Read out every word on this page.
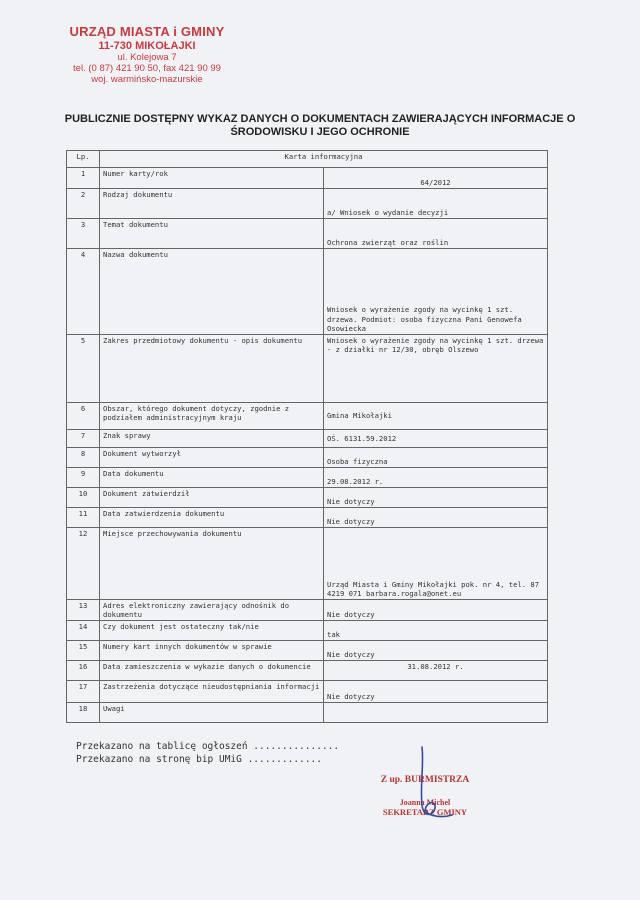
URZĄD MIASTA i GMINY
11-730 MIKOŁAJKI
ul. Kolejowa 7
tel. (0 87) 421 90 50, fax 421 90 99
woj. warmińsko-mazurskie
PUBLICZNIE DOSTĘPNY WYKAZ DANYCH O DOKUMENTACH ZAWIERAJĄCYCH INFORMACJE O ŚRODOWISKU I JEGO OCHRONIE
Lp.	Karta informacyjna	
1	Numer karty/rok	64/2012
2	Rodzaj dokumentu	a/ Wniosek o wydanie decyzji
3	Temat dokumentu	Ochrona zwierząt oraz roślin
4	Nazwa dokumentu	Wniosek o wyrażenie zgody na wycinkę 1 szt. drzewa. Podmiot: osoba fizyczna Pani Genowefa Osowiecka
5	Zakres przedmiotowy dokumentu - opis dokumentu	Wniosek o wyrażenie zgody na wycinkę 1 szt. drzewa - z działki nr 12/30, obręb Olszewo
6	Obszar, którego dokument dotyczy, zgodnie z podziałem administracyjnym kraju	Gmina Mikołajki
7	Znak sprawy	OŚ. 6131.59.2012
8	Dokument wytworzył	Osoba fizyczna
9	Data dokumentu	29.08.2012 r.
10	Dokument zatwierdził	Nie dotyczy
11	Data zatwierdzenia dokumentu	Nie dotyczy
12	Miejsce przechowywania dokumentu	Urząd Miasta i Gminy Mikołajki pok. nr 4, tel. 87 4219 071 barbara.rogala@onet.eu
13	Adres elektroniczny zawierający odnośnik do dokumentu	Nie dotyczy
14	Czy dokument jest ostateczny tak/nie	tak
15	Numery kart innych dokumentów w sprawie	Nie dotyczy
16	Data zamieszczenia w wykazie danych o dokumencie	31.08.2012 r.
17	Zastrzeżenia dotyczące nieudostępniania informacji	Nie dotyczy
18	Uwagi	
Przekazano na tablicę ogłoszeń ...............
Przekazano na stronę bip UMiG .............
Z up. BURMISTRZA
Joanna Michel
SEKRETARZ GMINY
